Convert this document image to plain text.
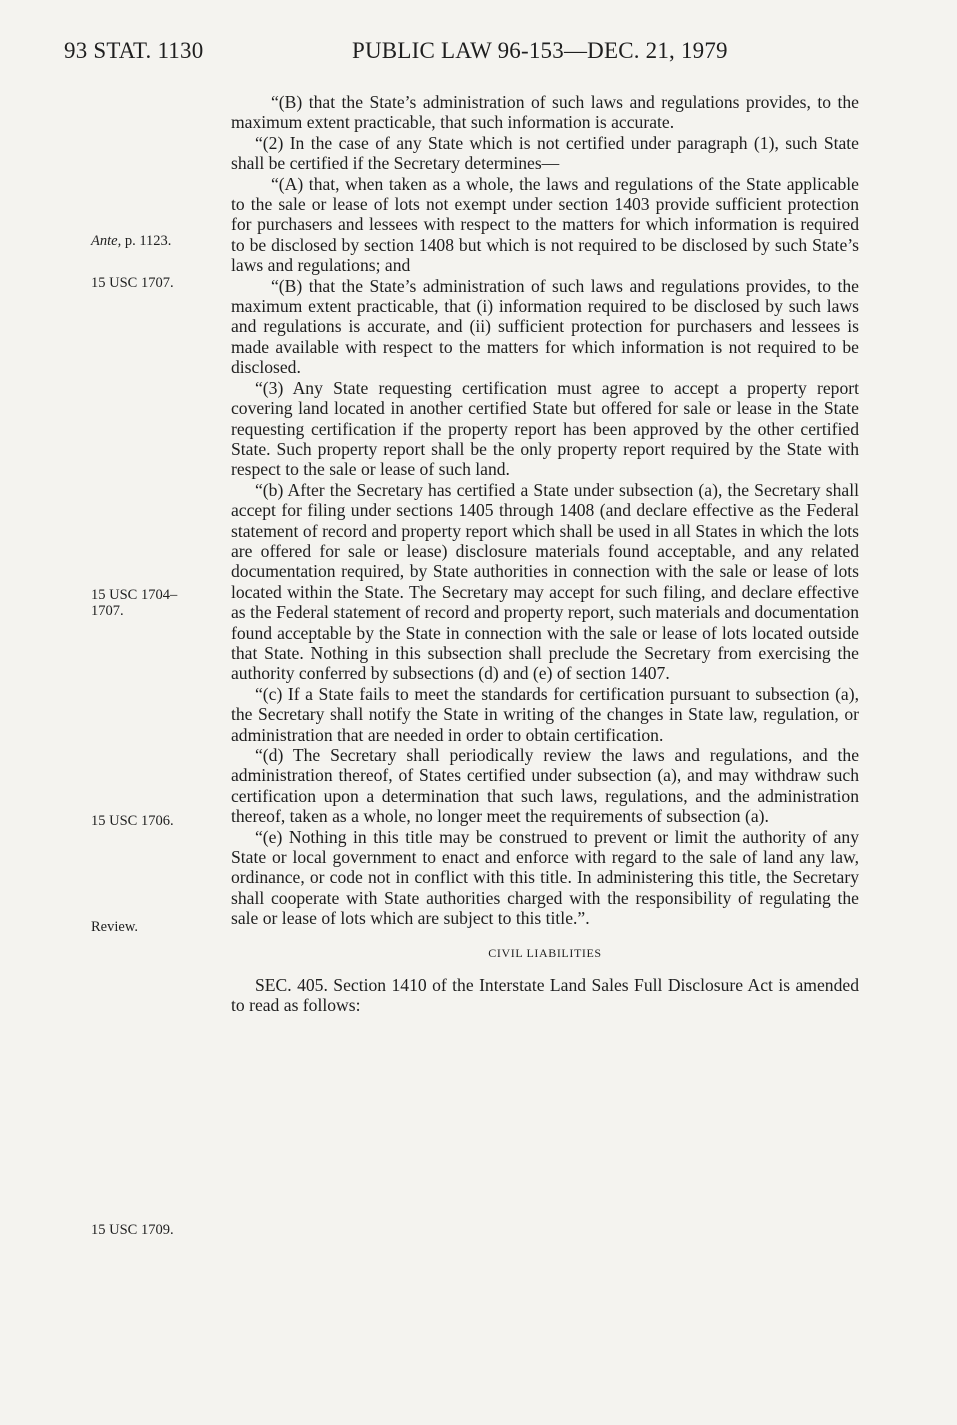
93 STAT. 1130	PUBLIC LAW 96-153—DEC. 21, 1979
Ante, p. 1123.
15 USC 1707.
15 USC 1704–1707.
15 USC 1706.
Review.
15 USC 1709.

“(B) that the State’s administration of such laws and regulations provides, to the maximum extent practicable, that such information is accurate.

“(2) In the case of any State which is not certified under paragraph (1), such State shall be certified if the Secretary determines—

“(A) that, when taken as a whole, the laws and regulations of the State applicable to the sale or lease of lots not exempt under section 1403 provide sufficient protection for purchasers and lessees with respect to the matters for which information is required to be disclosed by section 1408 but which is not required to be disclosed by such State’s laws and regulations; and

“(B) that the State’s administration of such laws and regulations provides, to the maximum extent practicable, that (i) information required to be disclosed by such laws and regulations is accurate, and (ii) sufficient protection for purchasers and lessees is made available with respect to the matters for which information is not required to be disclosed.

“(3) Any State requesting certification must agree to accept a property report covering land located in another certified State but offered for sale or lease in the State requesting certification if the property report has been approved by the other certified State. Such property report shall be the only property report required by the State with respect to the sale or lease of such land.

“(b) After the Secretary has certified a State under subsection (a), the Secretary shall accept for filing under sections 1405 through 1408 (and declare effective as the Federal statement of record and property report which shall be used in all States in which the lots are offered for sale or lease) disclosure materials found acceptable, and any related documentation required, by State authorities in connection with the sale or lease of lots located within the State. The Secretary may accept for such filing, and declare effective as the Federal statement of record and property report, such materials and documentation found acceptable by the State in connection with the sale or lease of lots located outside that State. Nothing in this subsection shall preclude the Secretary from exercising the authority conferred by subsections (d) and (e) of section 1407.

“(c) If a State fails to meet the standards for certification pursuant to subsection (a), the Secretary shall notify the State in writing of the changes in State law, regulation, or administration that are needed in order to obtain certification.

“(d) The Secretary shall periodically review the laws and regulations, and the administration thereof, of States certified under subsection (a), and may withdraw such certification upon a determination that such laws, regulations, and the administration thereof, taken as a whole, no longer meet the requirements of subsection (a).

“(e) Nothing in this title may be construed to prevent or limit the authority of any State or local government to enact and enforce with regard to the sale of land any law, ordinance, or code not in conflict with this title. In administering this title, the Secretary shall cooperate with State authorities charged with the responsibility of regulating the sale or lease of lots which are subject to this title.”.

CIVIL LIABILITIES

SEC. 405. Section 1410 of the Interstate Land Sales Full Disclosure Act is amended to read as follows:
